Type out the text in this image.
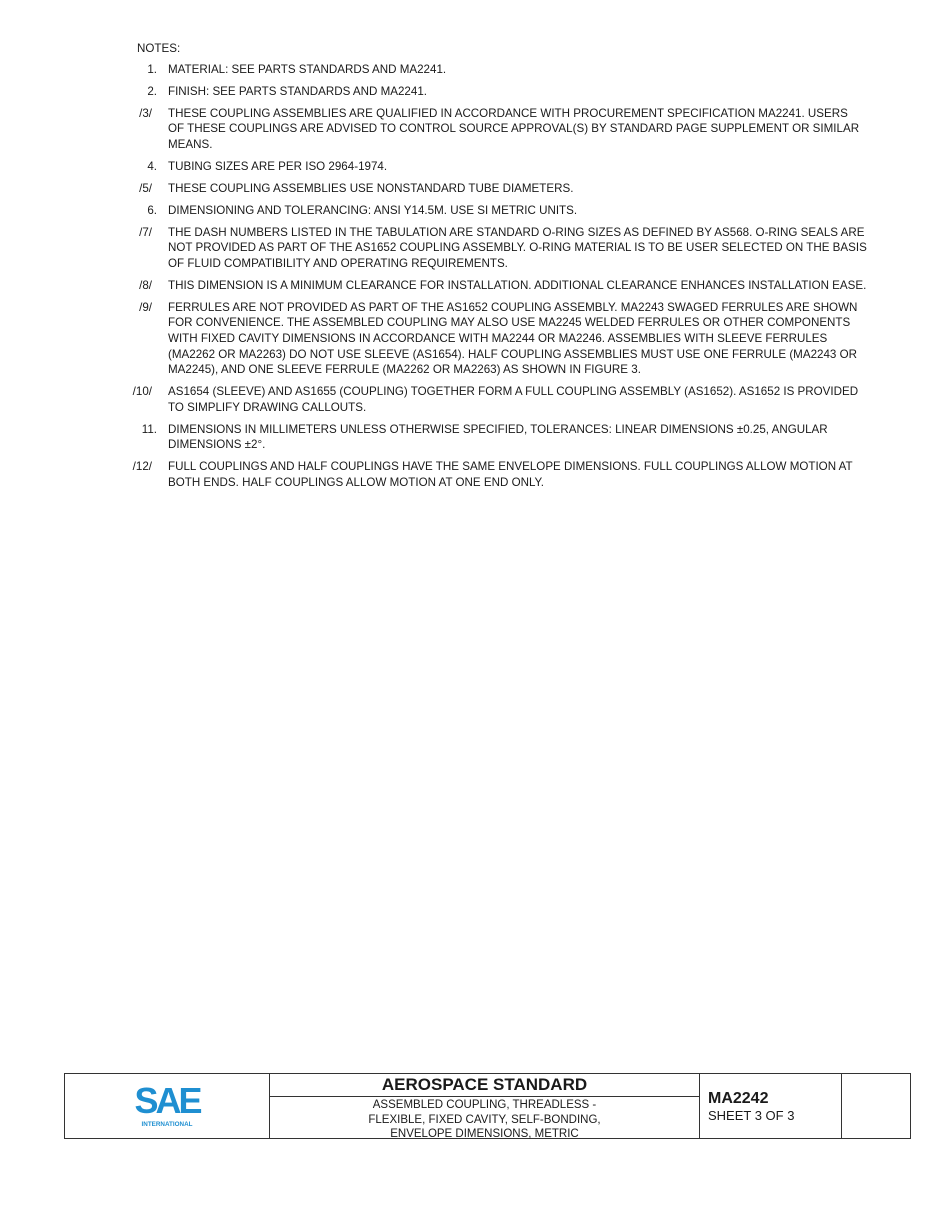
NOTES:
1. MATERIAL: SEE PARTS STANDARDS AND MA2241.
2. FINISH: SEE PARTS STANDARDS AND MA2241.
/3/	THESE COUPLING ASSEMBLIES ARE QUALIFIED IN ACCORDANCE WITH PROCUREMENT SPECIFICATION MA2241. USERS OF THESE COUPLINGS ARE ADVISED TO CONTROL SOURCE APPROVAL(S) BY STANDARD PAGE SUPPLEMENT OR SIMILAR MEANS.
4. TUBING SIZES ARE PER ISO 2964-1974.
/5/	THESE COUPLING ASSEMBLIES USE NONSTANDARD TUBE DIAMETERS.
6. DIMENSIONING AND TOLERANCING: ANSI Y14.5M. USE SI METRIC UNITS.
/7/	THE DASH NUMBERS LISTED IN THE TABULATION ARE STANDARD O-RING SIZES AS DEFINED BY AS568. O-RING SEALS ARE NOT PROVIDED AS PART OF THE AS1652 COUPLING ASSEMBLY. O-RING MATERIAL IS TO BE USER SELECTED ON THE BASIS OF FLUID COMPATIBILITY AND OPERATING REQUIREMENTS.
/8/	THIS DIMENSION IS A MINIMUM CLEARANCE FOR INSTALLATION. ADDITIONAL CLEARANCE ENHANCES INSTALLATION EASE.
/9/	FERRULES ARE NOT PROVIDED AS PART OF THE AS1652 COUPLING ASSEMBLY. MA2243 SWAGED FERRULES ARE SHOWN FOR CONVENIENCE. THE ASSEMBLED COUPLING MAY ALSO USE MA2245 WELDED FERRULES OR OTHER COMPONENTS WITH FIXED CAVITY DIMENSIONS IN ACCORDANCE WITH MA2244 OR MA2246. ASSEMBLIES WITH SLEEVE FERRULES (MA2262 OR MA2263) DO NOT USE SLEEVE (AS1654). HALF COUPLING ASSEMBLIES MUST USE ONE FERRULE (MA2243 OR MA2245), AND ONE SLEEVE FERRULE (MA2262 OR MA2263) AS SHOWN IN FIGURE 3.
/10/	AS1654 (SLEEVE) AND AS1655 (COUPLING) TOGETHER FORM A FULL COUPLING ASSEMBLY (AS1652). AS1652 IS PROVIDED TO SIMPLIFY DRAWING CALLOUTS.
11. DIMENSIONS IN MILLIMETERS UNLESS OTHERWISE SPECIFIED, TOLERANCES: LINEAR DIMENSIONS ±0.25, ANGULAR DIMENSIONS ±2°.
/12/	FULL COUPLINGS AND HALF COUPLINGS HAVE THE SAME ENVELOPE DIMENSIONS. FULL COUPLINGS ALLOW MOTION AT BOTH ENDS. HALF COUPLINGS ALLOW MOTION AT ONE END ONLY.
SAE
INTERNATIONAL
AEROSPACE STANDARD
ASSEMBLED COUPLING, THREADLESS -
FLEXIBLE, FIXED CAVITY, SELF-BONDING,
ENVELOPE DIMENSIONS, METRIC
MA2242
SHEET 3 OF 3
